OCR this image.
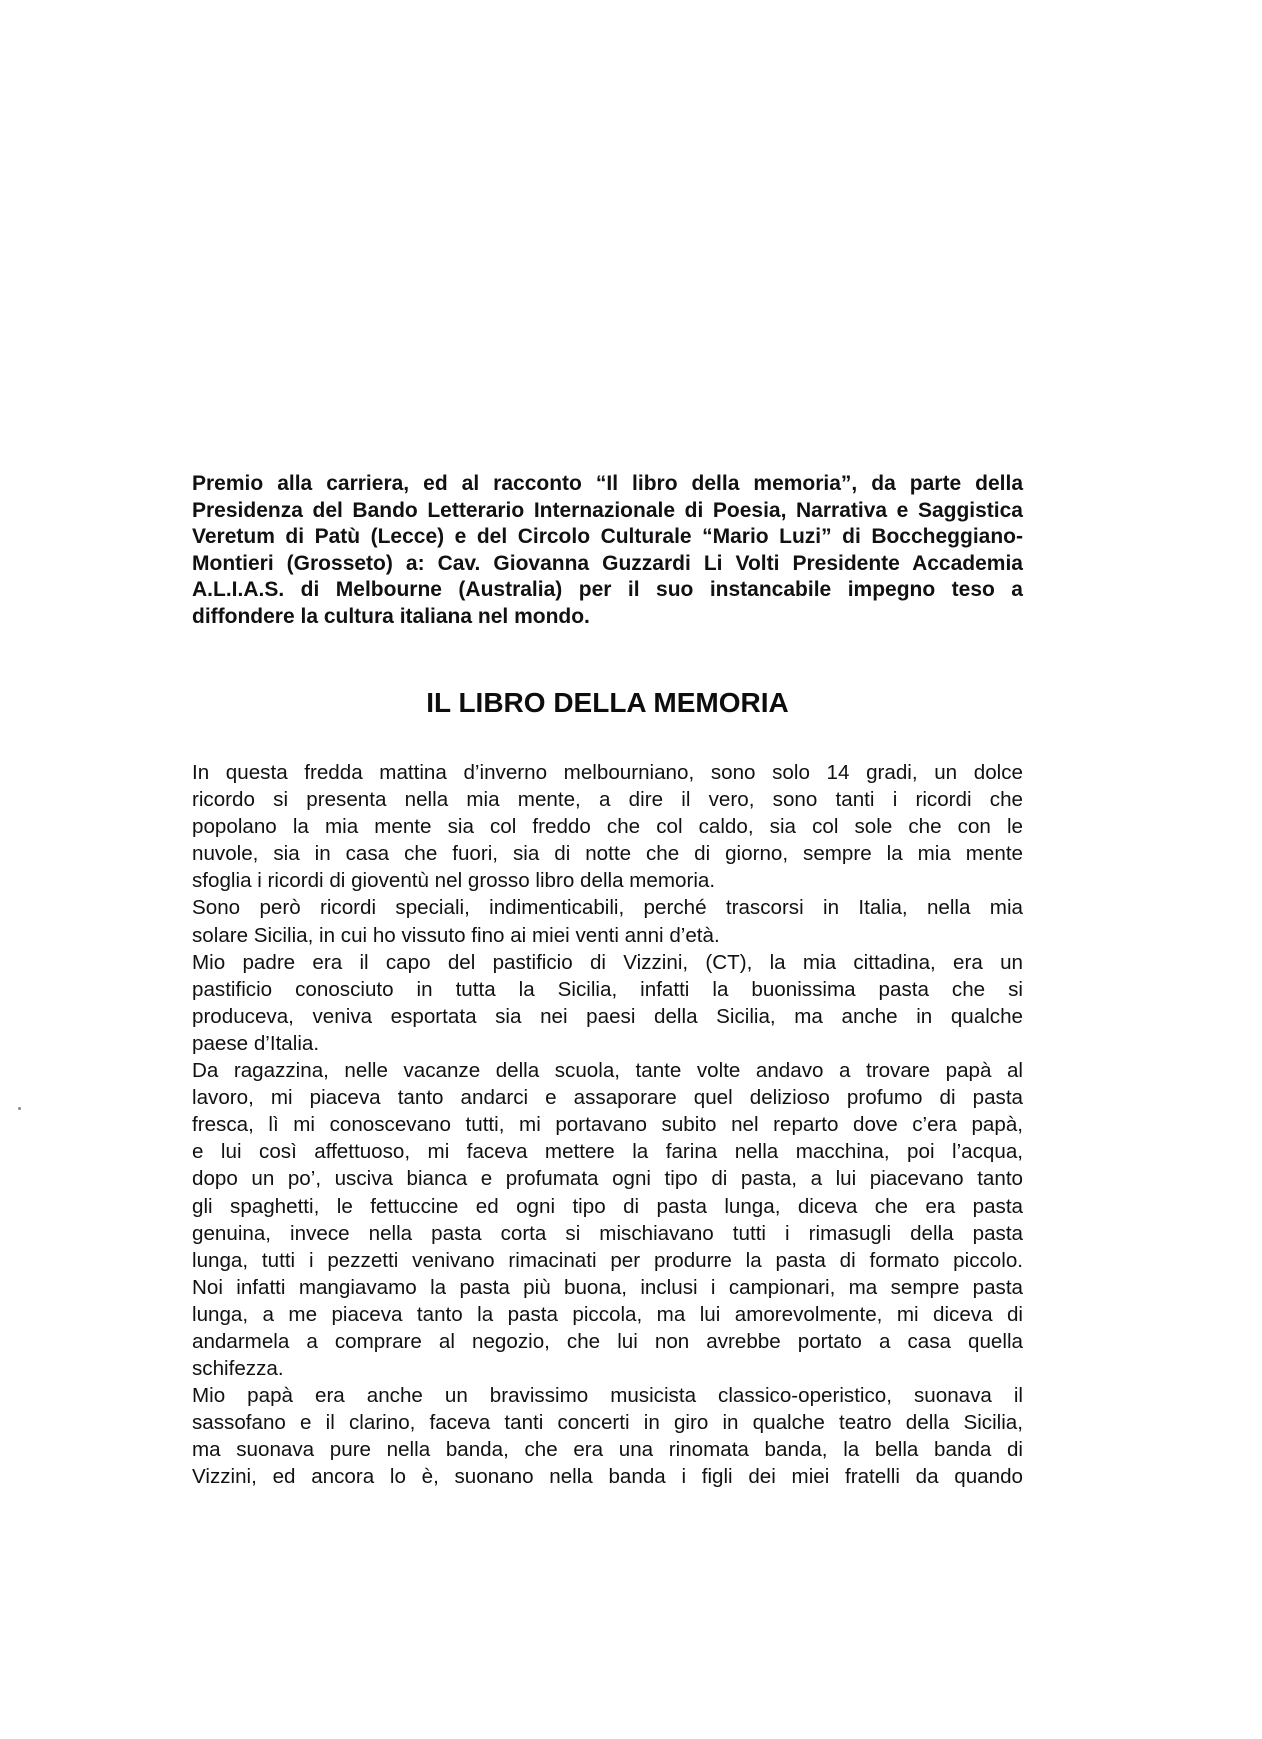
Premio alla carriera, ed al racconto “Il libro della memoria”, da parte della Presidenza del Bando Letterario Internazionale di Poesia, Narrativa e Saggistica Veretum di Patù (Lecce) e del Circolo Culturale “Mario Luzi” di Boccheggiano-Montieri (Grosseto) a: Cav. Giovanna Guzzardi Li Volti Presidente Accademia A.L.I.A.S. di Melbourne (Australia) per il suo instancabile impegno teso a diffondere la cultura italiana nel mondo.

IL LIBRO DELLA MEMORIA
In questa fredda mattina d’inverno melbourniano, sono solo 14 gradi, un dolce
ricordo si presenta nella mia mente, a dire il vero, sono tanti i ricordi che
popolano la mia mente sia col freddo che col caldo, sia col sole che con le
nuvole, sia in casa che fuori, sia di notte che di giorno, sempre la mia mente
sfoglia i ricordi di gioventù nel grosso libro della memoria.
Sono però ricordi speciali, indimenticabili, perché trascorsi in Italia, nella mia
solare Sicilia, in cui ho vissuto fino ai miei venti anni d’età.
Mio padre era il capo del pastificio di Vizzini, (CT), la mia cittadina, era un
pastificio conosciuto in tutta la Sicilia, infatti la buonissima pasta che si
produceva, veniva esportata sia nei paesi della Sicilia, ma anche in qualche
paese d’Italia.
Da ragazzina, nelle vacanze della scuola, tante volte andavo a trovare papà al
lavoro, mi piaceva tanto andarci e assaporare quel delizioso profumo di pasta
fresca, lì mi conoscevano tutti, mi portavano subito nel reparto dove c’era papà,
e lui così affettuoso, mi faceva mettere la farina nella macchina, poi l’acqua,
dopo un po’, usciva bianca e profumata ogni tipo di pasta, a lui piacevano tanto
gli spaghetti, le fettuccine ed ogni tipo di pasta lunga, diceva che era pasta
genuina, invece nella pasta corta si mischiavano tutti i rimasugli della pasta
lunga, tutti i pezzetti venivano rimacinati per produrre la pasta di formato piccolo.
Noi infatti mangiavamo la pasta più buona, inclusi i campionari, ma sempre pasta
lunga, a me piaceva tanto la pasta piccola, ma lui amorevolmente, mi diceva di
andarmela a comprare al negozio, che lui non avrebbe portato a casa quella
schifezza.
Mio papà era anche un bravissimo musicista classico-operistico, suonava il
sassofano e il clarino, faceva tanti concerti in giro in qualche teatro della Sicilia,
ma suonava pure nella banda, che era una rinomata banda, la bella banda di
Vizzini, ed ancora lo è, suonano nella banda i figli dei miei fratelli da quando
